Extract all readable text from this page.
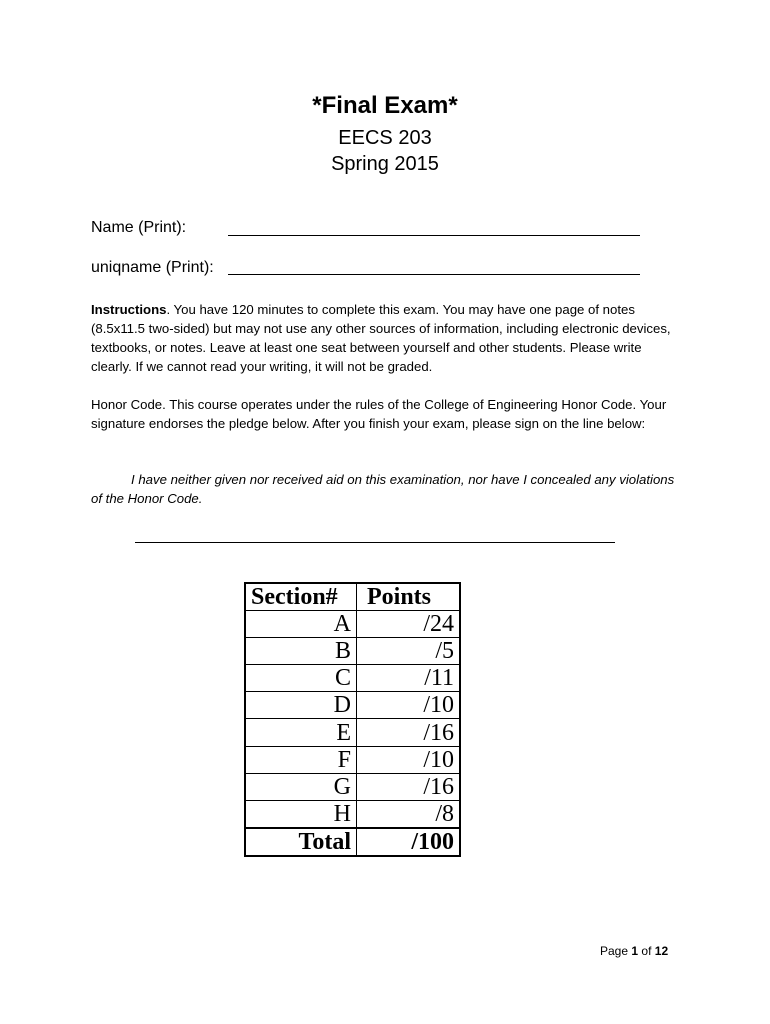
*Final Exam*
EECS 203
Spring 2015
Name (Print):
uniqname (Print):
Instructions. You have 120 minutes to complete this exam. You may have one page of notes (8.5x11.5 two-sided) but may not use any other sources of information, including electronic devices, textbooks, or notes. Leave at least one seat between yourself and other students. Please write clearly. If we cannot read your writing, it will not be graded.
Honor Code. This course operates under the rules of the College of Engineering Honor Code. Your signature endorses the pledge below. After you finish your exam, please sign on the line below:
I have neither given nor received aid on this examination, nor have I concealed any violations of the Honor Code.
Section#	Points
A	/24
B	/5
C	/11
D	/10
E	/16
F	/10
G	/16
H	/8
Total	/100
Page 1 of 12
